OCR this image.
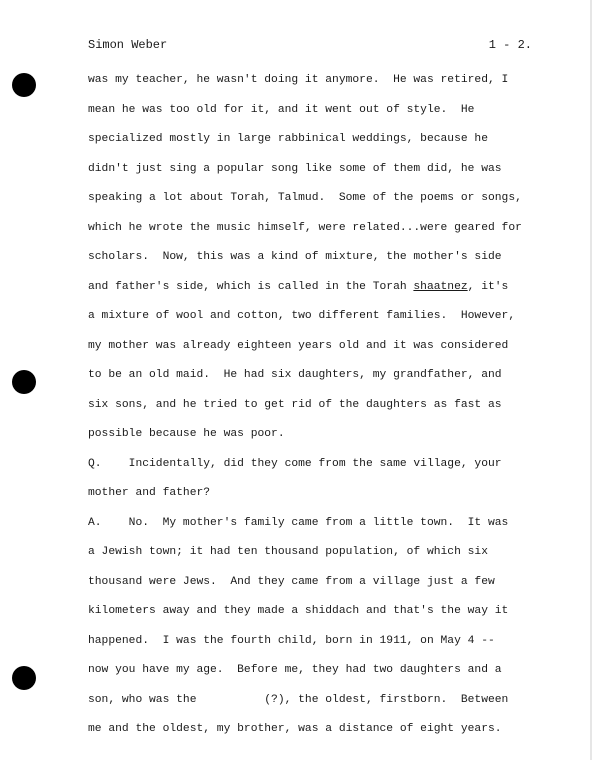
Simon Weber	1 - 2.
was my teacher, he wasn't doing it anymore.  He was retired, I
mean he was too old for it, and it went out of style.  He
specialized mostly in large rabbinical weddings, because he
didn't just sing a popular song like some of them did, he was
speaking a lot about Torah, Talmud.  Some of the poems or songs,
which he wrote the music himself, were related...were geared for
scholars.  Now, this was a kind of mixture, the mother's side
and father's side, which is called in the Torah shaatnez, it's
a mixture of wool and cotton, two different families.  However,
my mother was already eighteen years old and it was considered
to be an old maid.  He had six daughters, my grandfather, and
six sons, and he tried to get rid of the daughters as fast as
possible because he was poor.
Q.    Incidentally, did they come from the same village, your
mother and father?
A.    No.  My mother's family came from a little town.  It was
a Jewish town; it had ten thousand population, of which six
thousand were Jews.  And they came from a village just a few
kilometers away and they made a shiddach and that's the way it
happened.  I was the fourth child, born in 1911, on May 4 --
now you have my age.  Before me, they had two daughters and a
son, who was the          (?), the oldest, firstborn.  Between
me and the oldest, my brother, was a distance of eight years.
